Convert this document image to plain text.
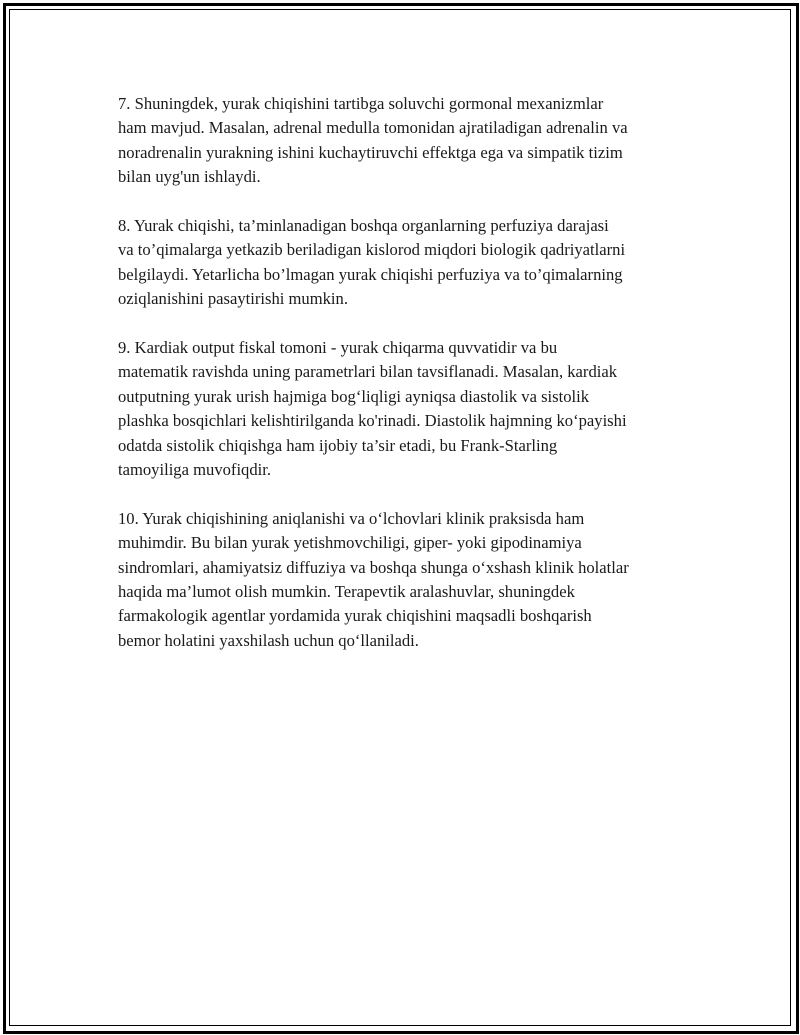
7. Shuningdek, yurak chiqishini tartibga soluvchi gormonal mexanizmlar
ham mavjud. Masalan, adrenal medulla tomonidan ajratiladigan adrenalin va
noradrenalin yurakning ishini kuchaytiruvchi effektga ega va simpatik tizim
bilan uyg'un ishlaydi.

8. Yurak chiqishi, ta’minlanadigan boshqa organlarning perfuziya darajasi
va to’qimalarga yetkazib beriladigan kislorod miqdori biologik qadriyatlarni
belgilaydi. Yetarlicha bo’lmagan yurak chiqishi perfuziya va to’qimalarning
oziqlanishini pasaytirishi mumkin.

9. Kardiak output fiskal tomoni - yurak chiqarma quvvatidir va bu
matematik ravishda uning parametrlari bilan tavsiflanadi. Masalan, kardiak
outputning yurak urish hajmiga bog‘liqligi ayniqsa diastolik va sistolik
plashka bosqichlari kelishtirilganda ko'rinadi. Diastolik hajmning ko‘payishi
odatda sistolik chiqishga ham ijobiy ta’sir etadi, bu Frank-Starling
tamoyiliga muvofiqdir.

10. Yurak chiqishining aniqlanishi va o‘lchovlari klinik praksisda ham
muhimdir. Bu bilan yurak yetishmovchiligi, giper- yoki gipodinamiya
sindromlari, ahamiyatsiz diffuziya va boshqa shunga o‘xshash klinik holatlar
haqida ma’lumot olish mumkin. Terapevtik aralashuvlar, shuningdek
farmakologik agentlar yordamida yurak chiqishini maqsadli boshqarish
bemor holatini yaxshilash uchun qo‘llaniladi.
